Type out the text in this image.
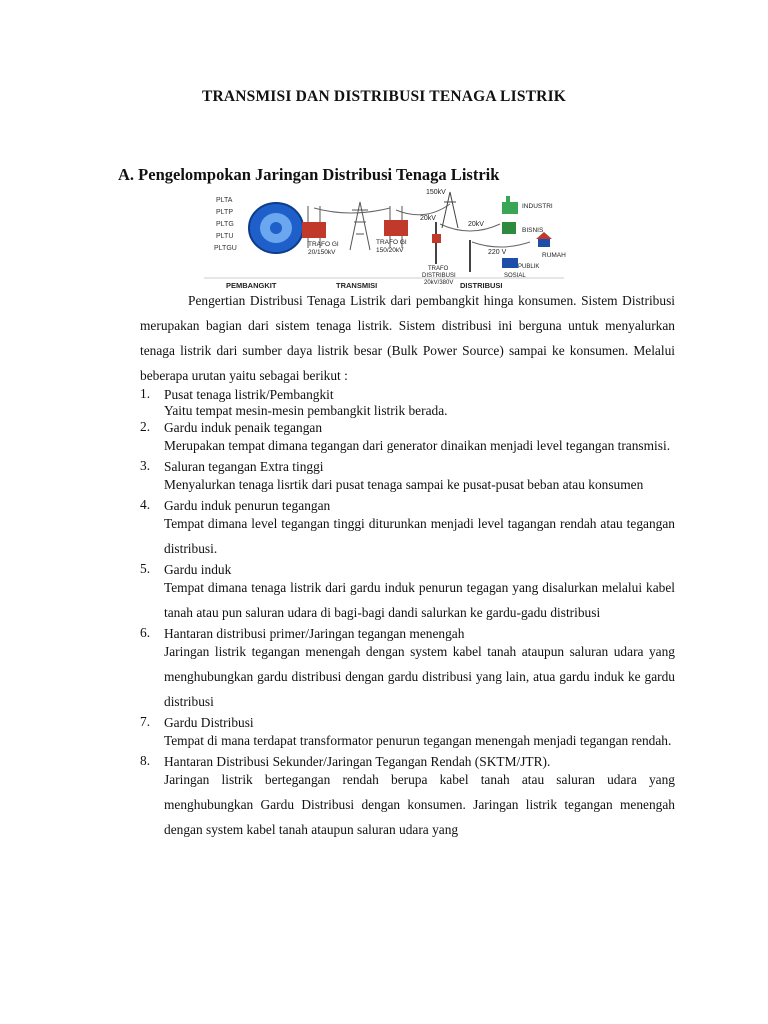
TRANSMISI DAN DISTRIBUSI TENAGA LISTRIK
A. Pengelompokan Jaringan Distribusi Tenaga Listrik
PLTA
PLTP
PLTG
PLTU
PLTGU
TRAFO GI
20/150kV
TRAFO GI
150/20kV
150kV
20kV
20kV
220 V
INDUSTRI
TRAFO
DISTRIBUSI
20kV/380V
BISNIS
RUMAH
PUBLIK
SOSIAL
PEMBANGKIT	TRANSMISI	DISTRIBUSI
Pengertian Distribusi Tenaga Listrik dari pembangkit hinga konsumen. Sistem Distribusi merupakan bagian dari sistem tenaga listrik. Sistem distribusi ini berguna untuk menyalurkan tenaga listrik dari sumber daya listrik besar (Bulk Power Source) sampai ke konsumen. Melalui beberapa urutan yaitu sebagai berikut :
1.	Pusat tenaga listrik/Pembangkit
Yaitu tempat mesin-mesin pembangkit listrik berada.
2.	Gardu induk penaik tegangan
Merupakan tempat dimana tegangan dari generator dinaikan menjadi level tegangan transmisi.
3.	Saluran tegangan Extra tinggi
Menyalurkan tenaga lisrtik dari pusat tenaga sampai ke pusat-pusat beban atau konsumen
4.	Gardu induk penurun tegangan
Tempat dimana level tegangan tinggi diturunkan menjadi level tagangan rendah atau tegangan distribusi.
5.	Gardu induk
Tempat dimana tenaga listrik dari gardu induk penurun tegagan yang disalurkan melalui kabel tanah atau pun saluran udara di bagi-bagi dandi salurkan ke gardu-gadu distribusi
6.	Hantaran distribusi primer/Jaringan tegangan menengah
Jaringan listrik tegangan menengah dengan system kabel tanah ataupun saluran udara yang menghubungkan gardu distribusi dengan gardu distribusi yang lain, atua gardu induk ke gardu distribusi
7.	Gardu Distribusi
Tempat di mana terdapat transformator penurun tegangan menengah menjadi tegangan rendah.
8.	Hantaran Distribusi Sekunder/Jaringan Tegangan Rendah (SKTM/JTR).
Jaringan listrik bertegangan rendah berupa kabel tanah atau saluran udara yang menghubungkan Gardu Distribusi dengan konsumen. Jaringan listrik tegangan menengah dengan system kabel tanah ataupun saluran udara yang
